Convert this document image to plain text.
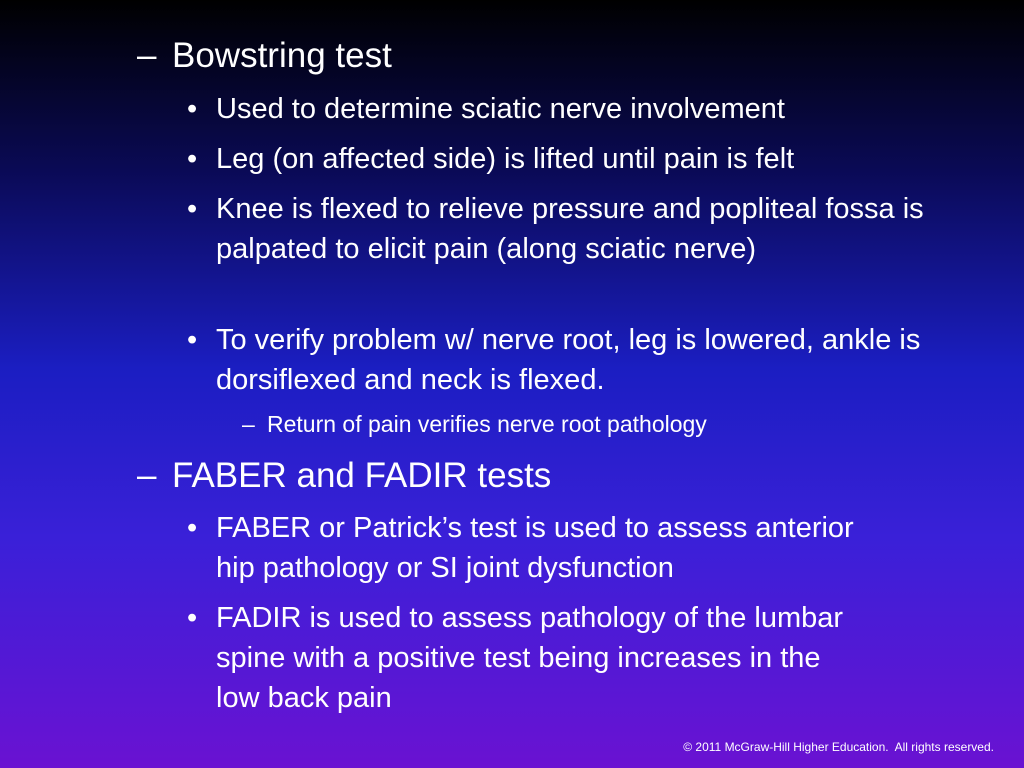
– Bowstring test
• Used to determine sciatic nerve involvement
• Leg (on affected side) is lifted until pain is felt
• Knee is flexed to relieve pressure and popliteal fossa is palpated to elicit pain (along sciatic nerve)
• To verify problem w/ nerve root, leg is lowered, ankle is dorsiflexed and neck is flexed.
– Return of pain verifies nerve root pathology
– FABER and FADIR tests
• FABER or Patrick’s test is used to assess anterior hip pathology or SI joint dysfunction
• FADIR is used to assess pathology of the lumbar spine with a positive test being increases in the low back pain
© 2011 McGraw-Hill Higher Education.  All rights reserved.
